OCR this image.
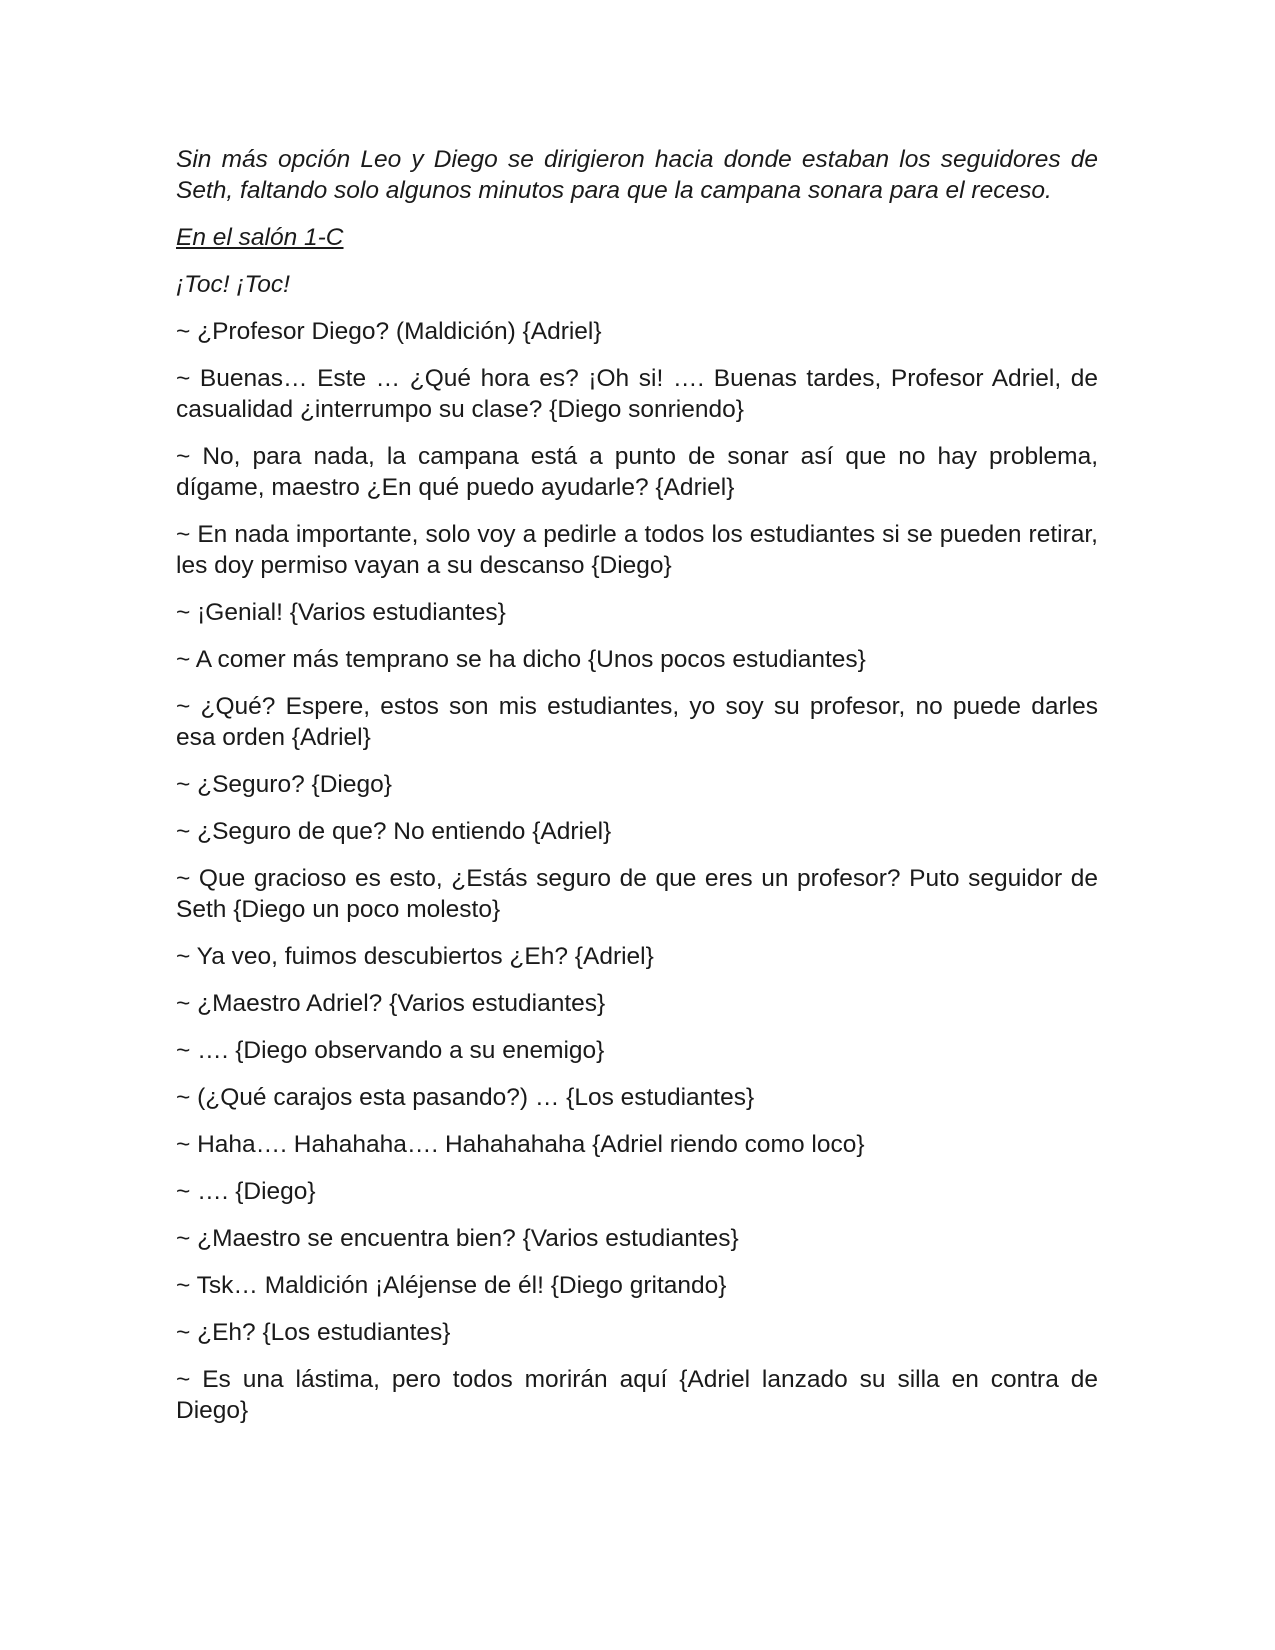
Sin más opción Leo y Diego se dirigieron hacia donde estaban los seguidores de Seth, faltando solo algunos minutos para que la campana sonara para el receso.

En el salón 1-C

¡Toc! ¡Toc!

~ ¿Profesor Diego? (Maldición) {Adriel}

~ Buenas… Este … ¿Qué hora es? ¡Oh si! …. Buenas tardes, Profesor Adriel, de casualidad ¿interrumpo su clase? {Diego sonriendo}

~ No, para nada, la campana está a punto de sonar así que no hay problema, dígame, maestro ¿En qué puedo ayudarle? {Adriel}

~ En nada importante, solo voy a pedirle a todos los estudiantes si se pueden retirar, les doy permiso vayan a su descanso {Diego}

~ ¡Genial! {Varios estudiantes}

~ A comer más temprano se ha dicho {Unos pocos estudiantes}

~ ¿Qué? Espere, estos son mis estudiantes, yo soy su profesor, no puede darles esa orden {Adriel}

~ ¿Seguro? {Diego}

~ ¿Seguro de que? No entiendo {Adriel}

~ Que gracioso es esto, ¿Estás seguro de que eres un profesor? Puto seguidor de Seth {Diego un poco molesto}

~ Ya veo, fuimos descubiertos ¿Eh? {Adriel}

~ ¿Maestro Adriel? {Varios estudiantes}

~ …. {Diego observando a su enemigo}

~ (¿Qué carajos esta pasando?) … {Los estudiantes}

~ Haha…. Hahahaha…. Hahahahaha {Adriel riendo como loco}

~ …. {Diego}

~ ¿Maestro se encuentra bien? {Varios estudiantes}

~ Tsk… Maldición ¡Aléjense de él! {Diego gritando}

~ ¿Eh? {Los estudiantes}

~ Es una lástima, pero todos morirán aquí {Adriel lanzado su silla en contra de Diego}
